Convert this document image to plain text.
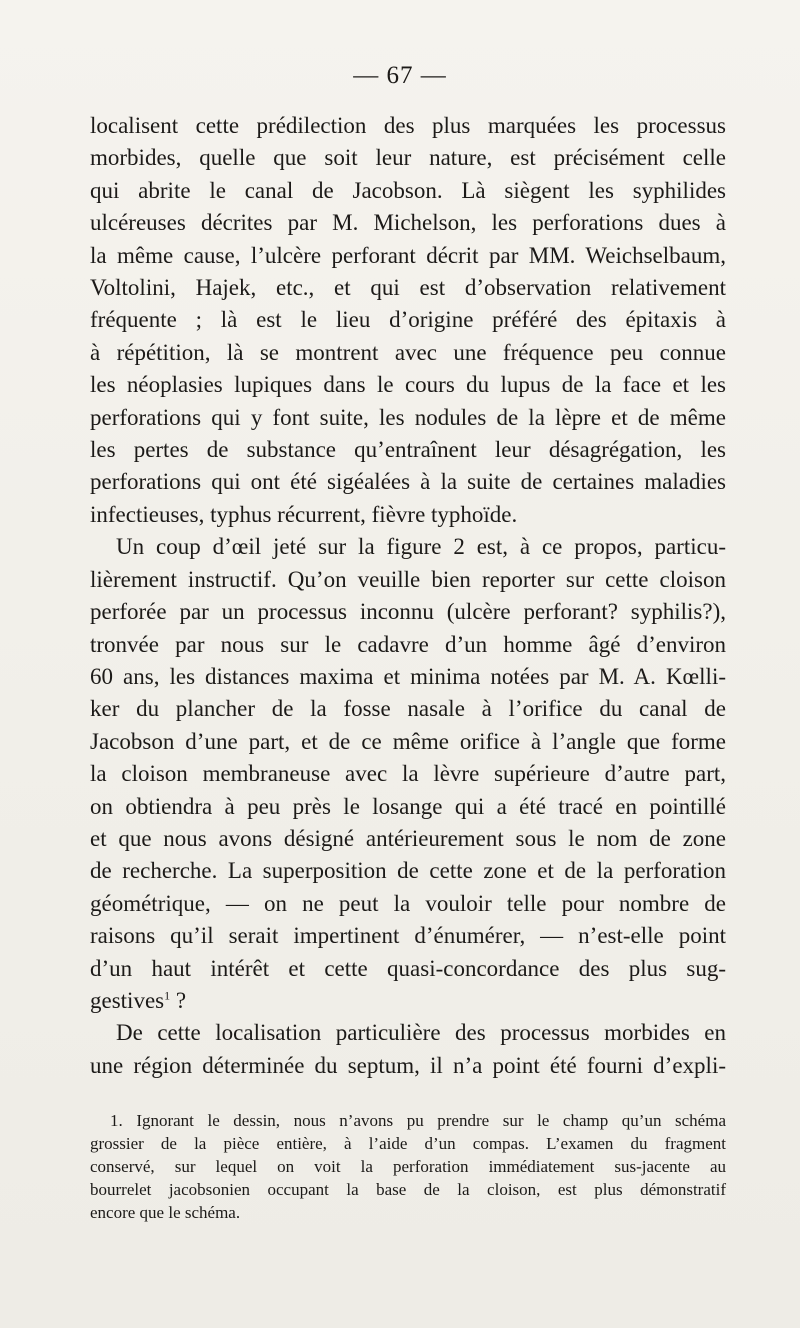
— 67 —
localisent cette prédilection des plus marquées les processus
morbides, quelle que soit leur nature, est précisément celle
qui abrite le canal de Jacobson. Là siègent les syphilides
ulcéreuses décrites par M. Michelson, les perforations dues à
la même cause, l’ulcère perforant décrit par MM. Weichselbaum,
Voltolini, Hajek, etc., et qui est d’observation relativement
fréquente ; là est le lieu d’origine préféré des épitaxis à
à répétition, là se montrent avec une fréquence peu connue
les néoplasies lupiques dans le cours du lupus de la face et les
perforations qui y font suite, les nodules de la lèpre et de même
les pertes de substance qu’entraînent leur désagrégation, les
perforations qui ont été sigéalées à la suite de certaines maladies
infectieuses, typhus récurrent, fièvre typhoïde.
Un coup d’œil jeté sur la figure 2 est, à ce propos, particu-
lièrement instructif. Qu’on veuille bien reporter sur cette cloison
perforée par un processus inconnu (ulcère perforant? syphilis?),
tronvée par nous sur le cadavre d’un homme âgé d’environ
60 ans, les distances maxima et minima notées par M. A. Kœlli-
ker du plancher de la fosse nasale à l’orifice du canal de
Jacobson d’une part, et de ce même orifice à l’angle que forme
la cloison membraneuse avec la lèvre supérieure d’autre part,
on obtiendra à peu près le losange qui a été tracé en pointillé
et que nous avons désigné antérieurement sous le nom de zone
de recherche. La superposition de cette zone et de la perforation
géométrique, — on ne peut la vouloir telle pour nombre de
raisons qu’il serait impertinent d’énumérer, — n’est-elle point
d’un haut intérêt et cette quasi-concordance des plus sug-
gestives$^1$ ?
De cette localisation particulière des processus morbides en
une région déterminée du septum, il n’a point été fourni d’expli-
1. Ignorant le dessin, nous n’avons pu prendre sur le champ qu’un schéma
grossier de la pièce entière, à l’aide d’un compas. L’examen du fragment
conservé, sur lequel on voit la perforation immédiatement sus-jacente au
bourrelet jacobsonien occupant la base de la cloison, est plus démonstratif
encore que le schéma.
